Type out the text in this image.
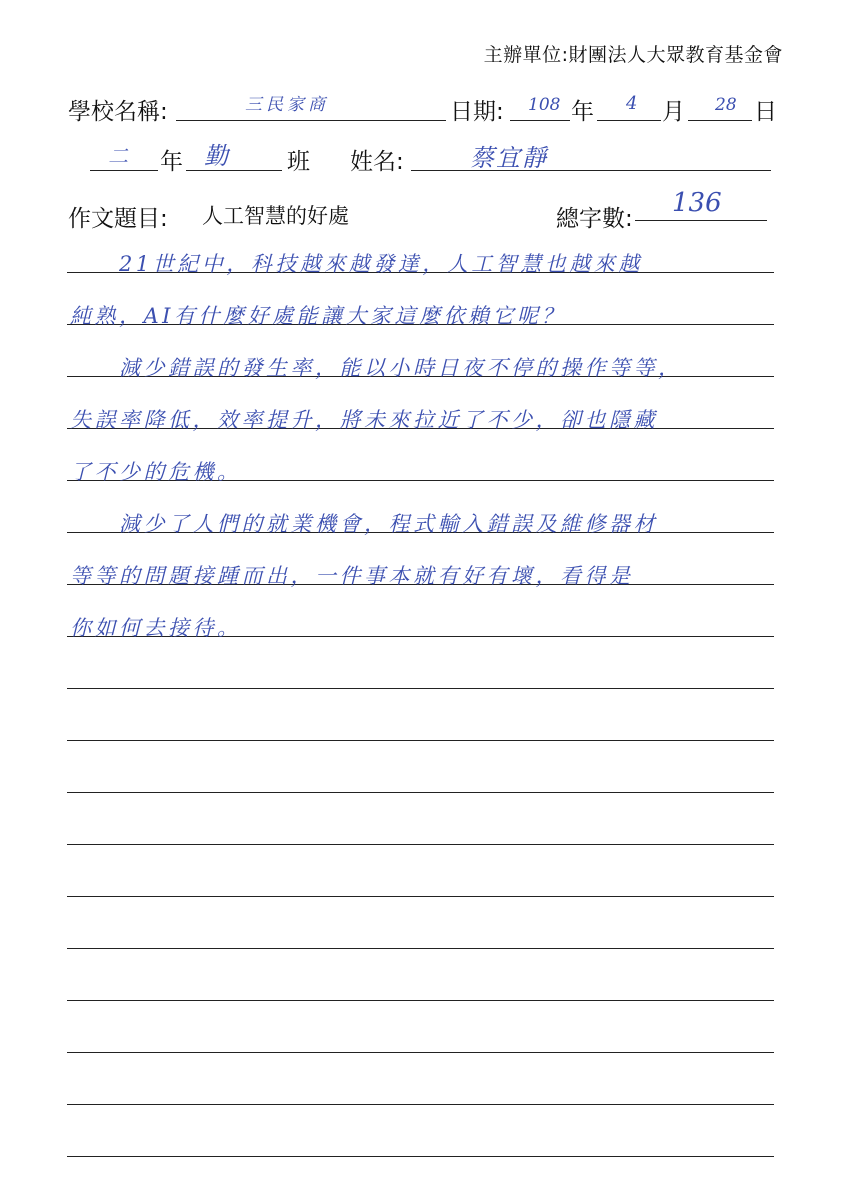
主辦單位:財團法人大眾教育基金會
學校名稱:	三民家商	日期: 108 年 4 月 28 日
二 年 勤	班 姓名:	蔡宜靜
作文題目: 人工智慧的好處	總字數:
136
　　21世紀中，科技越來越發達，人工智慧也越來越
純熟，AI有什麼好處能讓大家這麼依賴它呢？
　　減少錯誤的發生率，能以小時日夜不停的操作等等，
失誤率降低，效率提升，將未來拉近了不少，卻也隱藏
了不少的危機。
　　減少了人們的就業機會，程式輸入錯誤及維修器材
等等的問題接踵而出，一件事本就有好有壞，看得是
你如何去接待。
